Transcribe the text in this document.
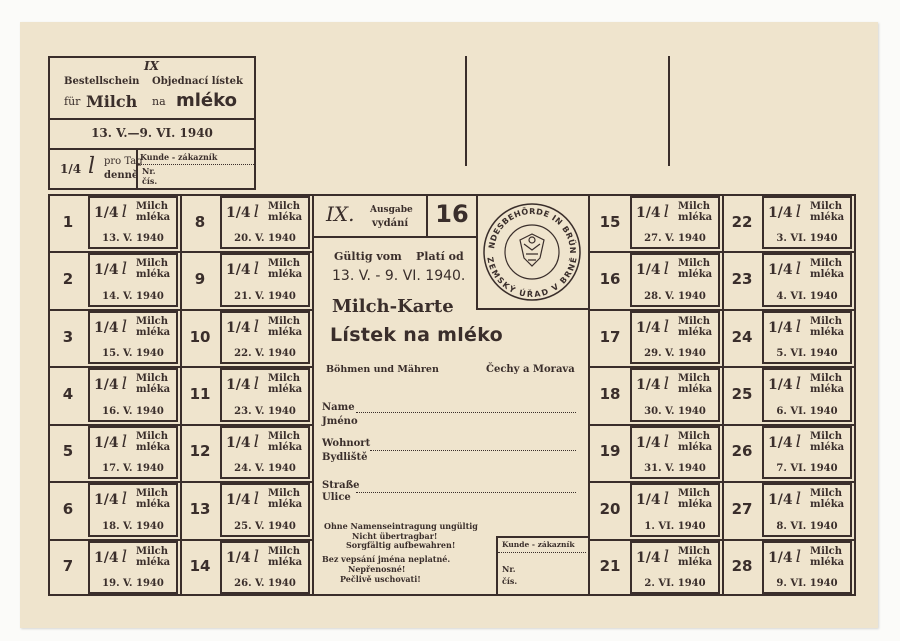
IX
Bestellschein Objednací lístek
für Milch na mléko
13. V.—9. VI. 1940
1/4 l pro Tag
denně
Kunde - zákazník
Nr.
čís.
1	1/4 l Milch
mléka
13. V. 1940
8	1/4 l Milch
mléka
20. V. 1940
2	1/4 l Milch
mléka
14. V. 1940
9	1/4 l Milch
mléka
21. V. 1940
3	1/4 l Milch
mléka
15. V. 1940
10	1/4 l Milch
mléka
22. V. 1940
4	1/4 l Milch
mléka
16. V. 1940
11	1/4 l Milch
mléka
23. V. 1940
5	1/4 l Milch
mléka
17. V. 1940
12	1/4 l Milch
mléka
24. V. 1940
6	1/4 l Milch
mléka
18. V. 1940
13	1/4 l Milch
mléka
25. V. 1940
7	1/4 l Milch
mléka
19. V. 1940
14	1/4 l Milch
mléka
26. V. 1940
15	1/4 l Milch
mléka
27. V. 1940
22	1/4 l Milch
mléka
3. VI. 1940
16	1/4 l Milch
mléka
28. V. 1940
23	1/4 l Milch
mléka
4. VI. 1940
17	1/4 l Milch
mléka
29. V. 1940
24	1/4 l Milch
mléka
5. VI. 1940
18	1/4 l Milch
mléka
30. V. 1940
25	1/4 l Milch
mléka
6. VI. 1940
19	1/4 l Milch
mléka
31. V. 1940
26	1/4 l Milch
mléka
7. VI. 1940
20	1/4 l Milch
mléka
1. VI. 1940
27	1/4 l Milch
mléka
8. VI. 1940
21	1/4 l Milch
mléka
2. VI. 1940
28	1/4 l Milch
mléka
9. VI. 1940
IX. Ausgabe
vydání	16
NDESBEHÖRDE IN BRÜN
ZEMSKÝ ÚŘAD V BRNĚ
Gültig vom Platí od
13. V. - 9. VI. 1940.
Milch-Karte
Lístek na mléko
Böhmen und Mähren	Čechy a Morava
Name
Jméno
Wohnort
Bydliště
Straße
Ulice
Ohne Namenseintragung ungültig
Nicht übertragbar!
Sorgfältig aufbewahren!
Bez vepsání jména neplatné.
Nepřenosné!
Pečlivě uschovati!
Kunde - zákazník
Nr.
čís.
